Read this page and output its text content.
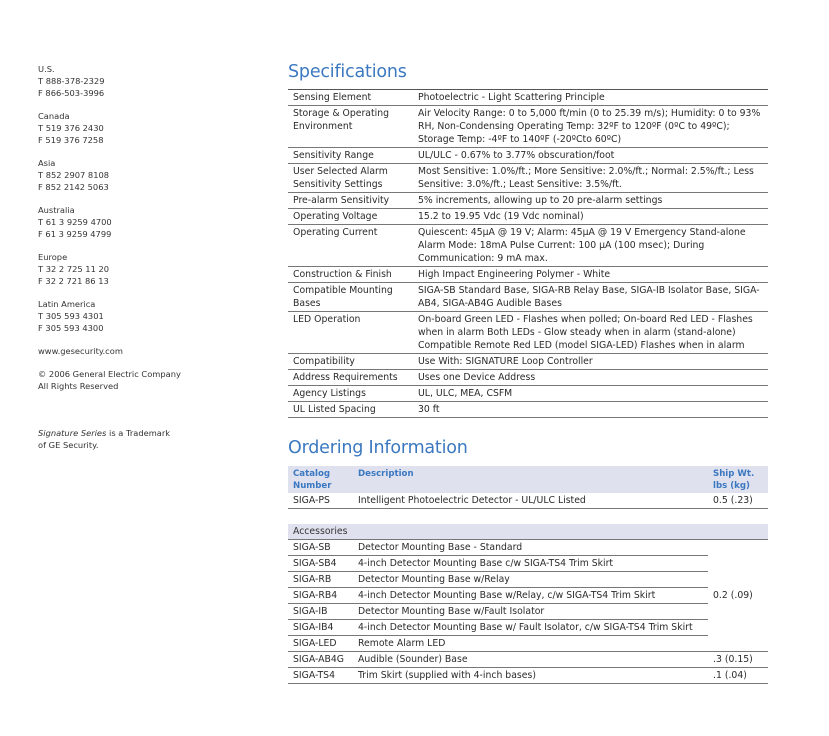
U.S.
T 888-378-2329
F 866-503-3996
Canada
T 519 376 2430
F 519 376 7258
Asia
T 852 2907 8108
F 852 2142 5063
Australia
T 61 3 9259 4700
F 61 3 9259 4799
Europe
T 32 2 725 11 20
F 32 2 721 86 13
Latin America
T 305 593 4301
F 305 593 4300
www.gesecurity.com
© 2006 General Electric Company
All Rights Reserved
Signature Series is a Trademark
of GE Security.
Specifications
Sensing Element	Photoelectric - Light Scattering Principle
Storage & Operating Environment	Air Velocity Range: 0 to 5,000 ft/min (0 to 25.39 m/s); Humidity: 0 to 93% RH, Non-Condensing Operating Temp: 32ºF to 120ºF (0ºC to 49ºC); Storage Temp: -4ºF to 140ºF (-20ºCto 60ºC)
Sensitivity Range	UL/ULC - 0.67% to 3.77% obscuration/foot
User Selected Alarm Sensitivity Settings	Most Sensitive: 1.0%/ft.; More Sensitive: 2.0%/ft.; Normal: 2.5%/ft.; Less Sensitive: 3.0%/ft.; Least Sensitive: 3.5%/ft.
Pre-alarm Sensitivity	5% increments, allowing up to 20 pre-alarm settings
Operating Voltage	15.2 to 19.95 Vdc (19 Vdc nominal)
Operating Current	Quiescent: 45µA @ 19 V; Alarm: 45µA @ 19 V Emergency Stand-alone Alarm Mode: 18mA Pulse Current: 100 µA (100 msec); During Communication: 9 mA max.
Construction & Finish	High Impact Engineering Polymer - White
Compatible Mounting Bases	SIGA-SB Standard Base, SIGA-RB Relay Base, SIGA-IB Isolator Base, SIGA-AB4, SIGA-AB4G Audible Bases
LED Operation	On-board Green LED - Flashes when polled; On-board Red LED - Flashes when in alarm Both LEDs - Glow steady when in alarm (stand-alone) Compatible Remote Red LED (model SIGA-LED) Flashes when in alarm
Compatibility	Use With: SIGNATURE Loop Controller
Address Requirements	Uses one Device Address
Agency Listings	UL, ULC, MEA, CSFM
UL Listed Spacing	30 ft
Ordering Information
Catalog
Number	Description	Ship Wt.
lbs (kg)

SIGA-PS	Intelligent Photoelectric Detector - UL/ULC Listed	0.5 (.23)

Accessories		
SIGA-SB	Detector Mounting Base - Standard	0.2 (.09)
SIGA-SB4	4-inch Detector Mounting Base c/w SIGA-TS4 Trim Skirt	
SIGA-RB	Detector Mounting Base w/Relay	
SIGA-RB4	4-inch Detector Mounting Base w/Relay, c/w SIGA-TS4 Trim Skirt	
SIGA-IB	Detector Mounting Base w/Fault Isolator	
SIGA-IB4	4-inch Detector Mounting Base w/ Fault Isolator, c/w SIGA-TS4 Trim Skirt	
SIGA-LED	Remote Alarm LED	
SIGA-AB4G	Audible (Sounder) Base	.3 (0.15)
SIGA-TS4	Trim Skirt (supplied with 4-inch bases)	.1 (.04)
